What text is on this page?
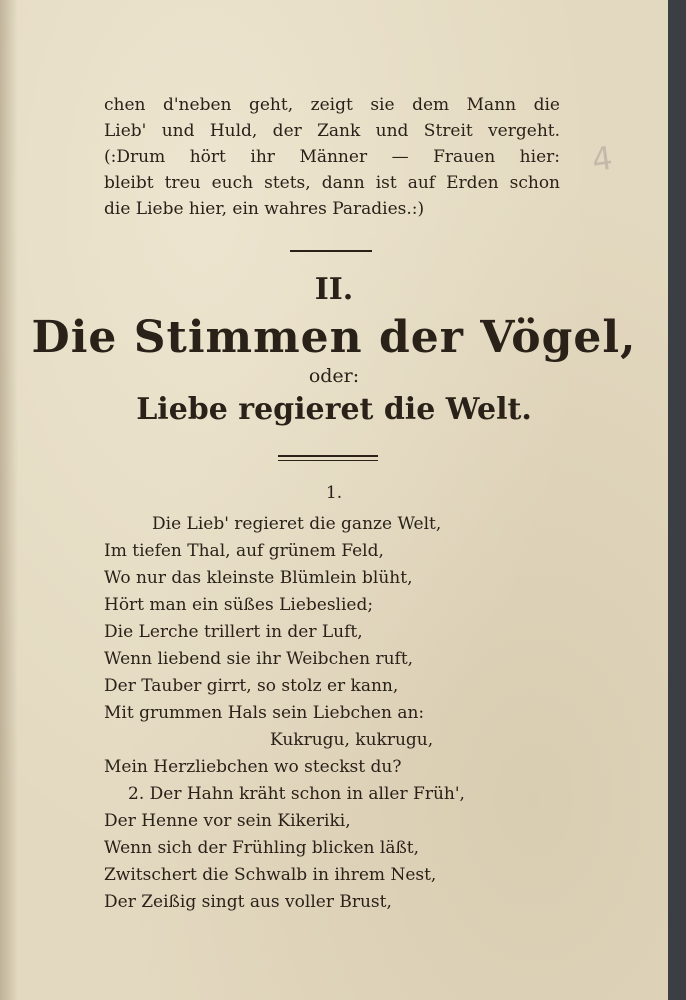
4
chen d'neben geht, zeigt sie dem Mann die
Lieb' und Huld, der Zank und Streit vergeht.
(:Drum hört ihr Männer — Frauen hier:
bleibt treu euch stets, dann ist auf Erden schon
die Liebe hier, ein wahres Paradies.:)
II.
Die Stimmen der Vögel,
oder:
Liebe regieret die Welt.
1.
Die Lieb' regieret die ganze Welt,
Im tiefen Thal, auf grünem Feld,
Wo nur das kleinste Blümlein blüht,
Hört man ein süßes Liebeslied;
Die Lerche trillert in der Luft,
Wenn liebend sie ihr Weibchen ruft,
Der Tauber girrt, so stolz er kann,
Mit grummen Hals sein Liebchen an:
Kukrugu, kukrugu,
Mein Herzliebchen wo steckst du?
2. Der Hahn kräht schon in aller Früh',
Der Henne vor sein Kikeriki,
Wenn sich der Frühling blicken läßt,
Zwitschert die Schwalb in ihrem Nest,
Der Zeißig singt aus voller Brust,
